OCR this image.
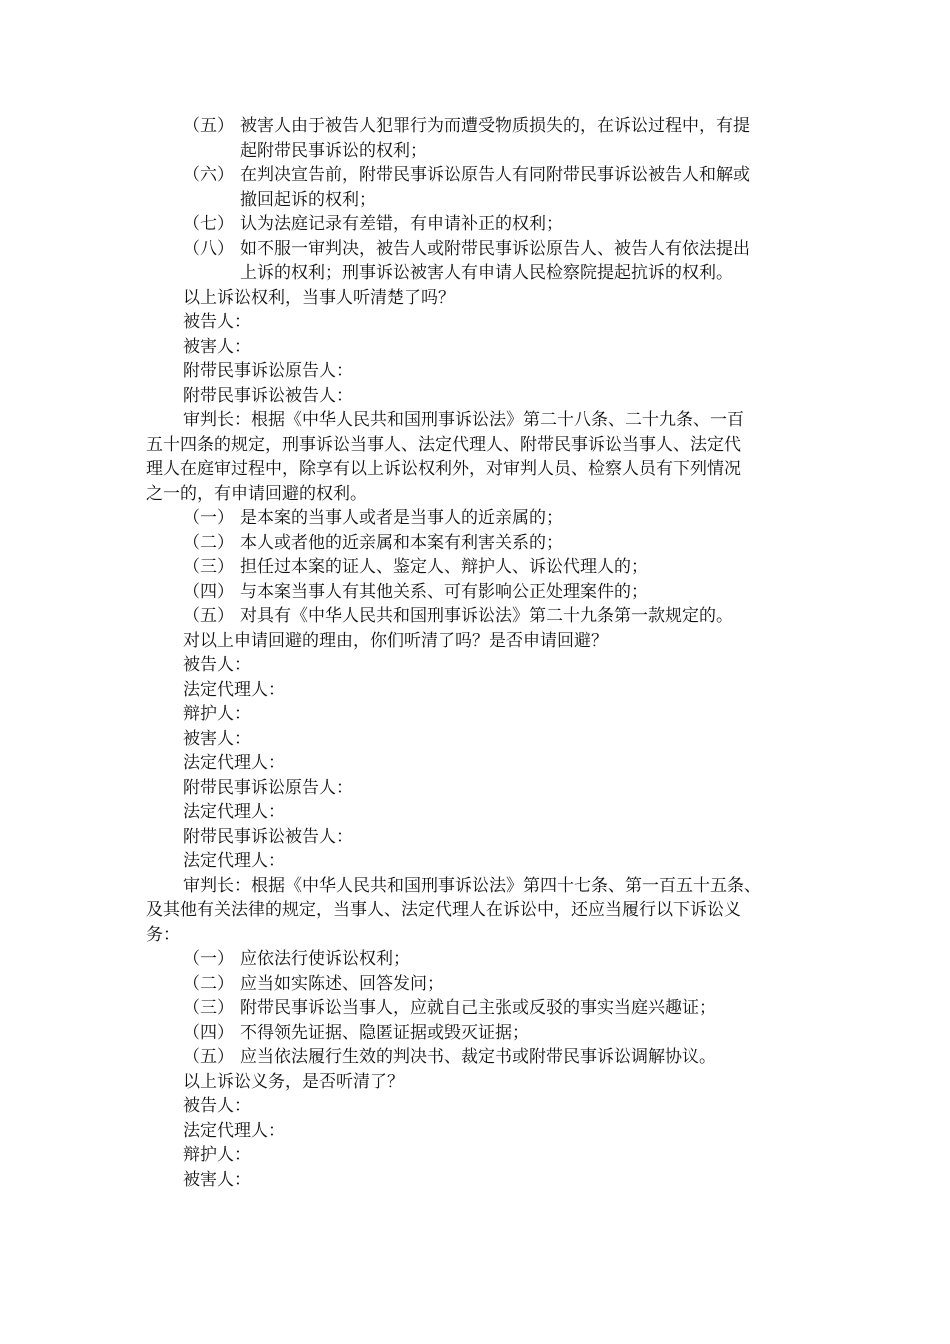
（五） 被害人由于被告人犯罪行为而遭受物质损失的，在诉讼过程中，有提
起附带民事诉讼的权利；
（六） 在判决宣告前，附带民事诉讼原告人有同附带民事诉讼被告人和解或
撤回起诉的权利；
（七） 认为法庭记录有差错，有申请补正的权利；
（八） 如不服一审判决，被告人或附带民事诉讼原告人、被告人有依法提出
上诉的权利；刑事诉讼被害人有申请人民检察院提起抗诉的权利。
以上诉讼权利，当事人听清楚了吗？
被告人：
被害人：
附带民事诉讼原告人：
附带民事诉讼被告人：
审判长：根据《中华人民共和国刑事诉讼法》第二十八条、二十九条、一百
五十四条的规定，刑事诉讼当事人、法定代理人、附带民事诉讼当事人、法定代
理人在庭审过程中，除享有以上诉讼权利外，对审判人员、检察人员有下列情况
之一的，有申请回避的权利。
（一） 是本案的当事人或者是当事人的近亲属的；
（二） 本人或者他的近亲属和本案有利害关系的；
（三） 担任过本案的证人、鉴定人、辩护人、诉讼代理人的；
（四） 与本案当事人有其他关系、可有影响公正处理案件的；
（五） 对具有《中华人民共和国刑事诉讼法》第二十九条第一款规定的。
对以上申请回避的理由，你们听清了吗？是否申请回避？
被告人：
法定代理人：
辩护人：
被害人：
法定代理人：
附带民事诉讼原告人：
法定代理人：
附带民事诉讼被告人：
法定代理人：
审判长：根据《中华人民共和国刑事诉讼法》第四十七条、第一百五十五条、
及其他有关法律的规定，当事人、法定代理人在诉讼中，还应当履行以下诉讼义
务：
（一） 应依法行使诉讼权利；
（二） 应当如实陈述、回答发问；
（三） 附带民事诉讼当事人，应就自己主张或反驳的事实当庭兴趣证；
（四） 不得领先证据、隐匿证据或毁灭证据；
（五） 应当依法履行生效的判决书、裁定书或附带民事诉讼调解协议。
以上诉讼义务，是否听清了？
被告人：
法定代理人：
辩护人：
被害人：
